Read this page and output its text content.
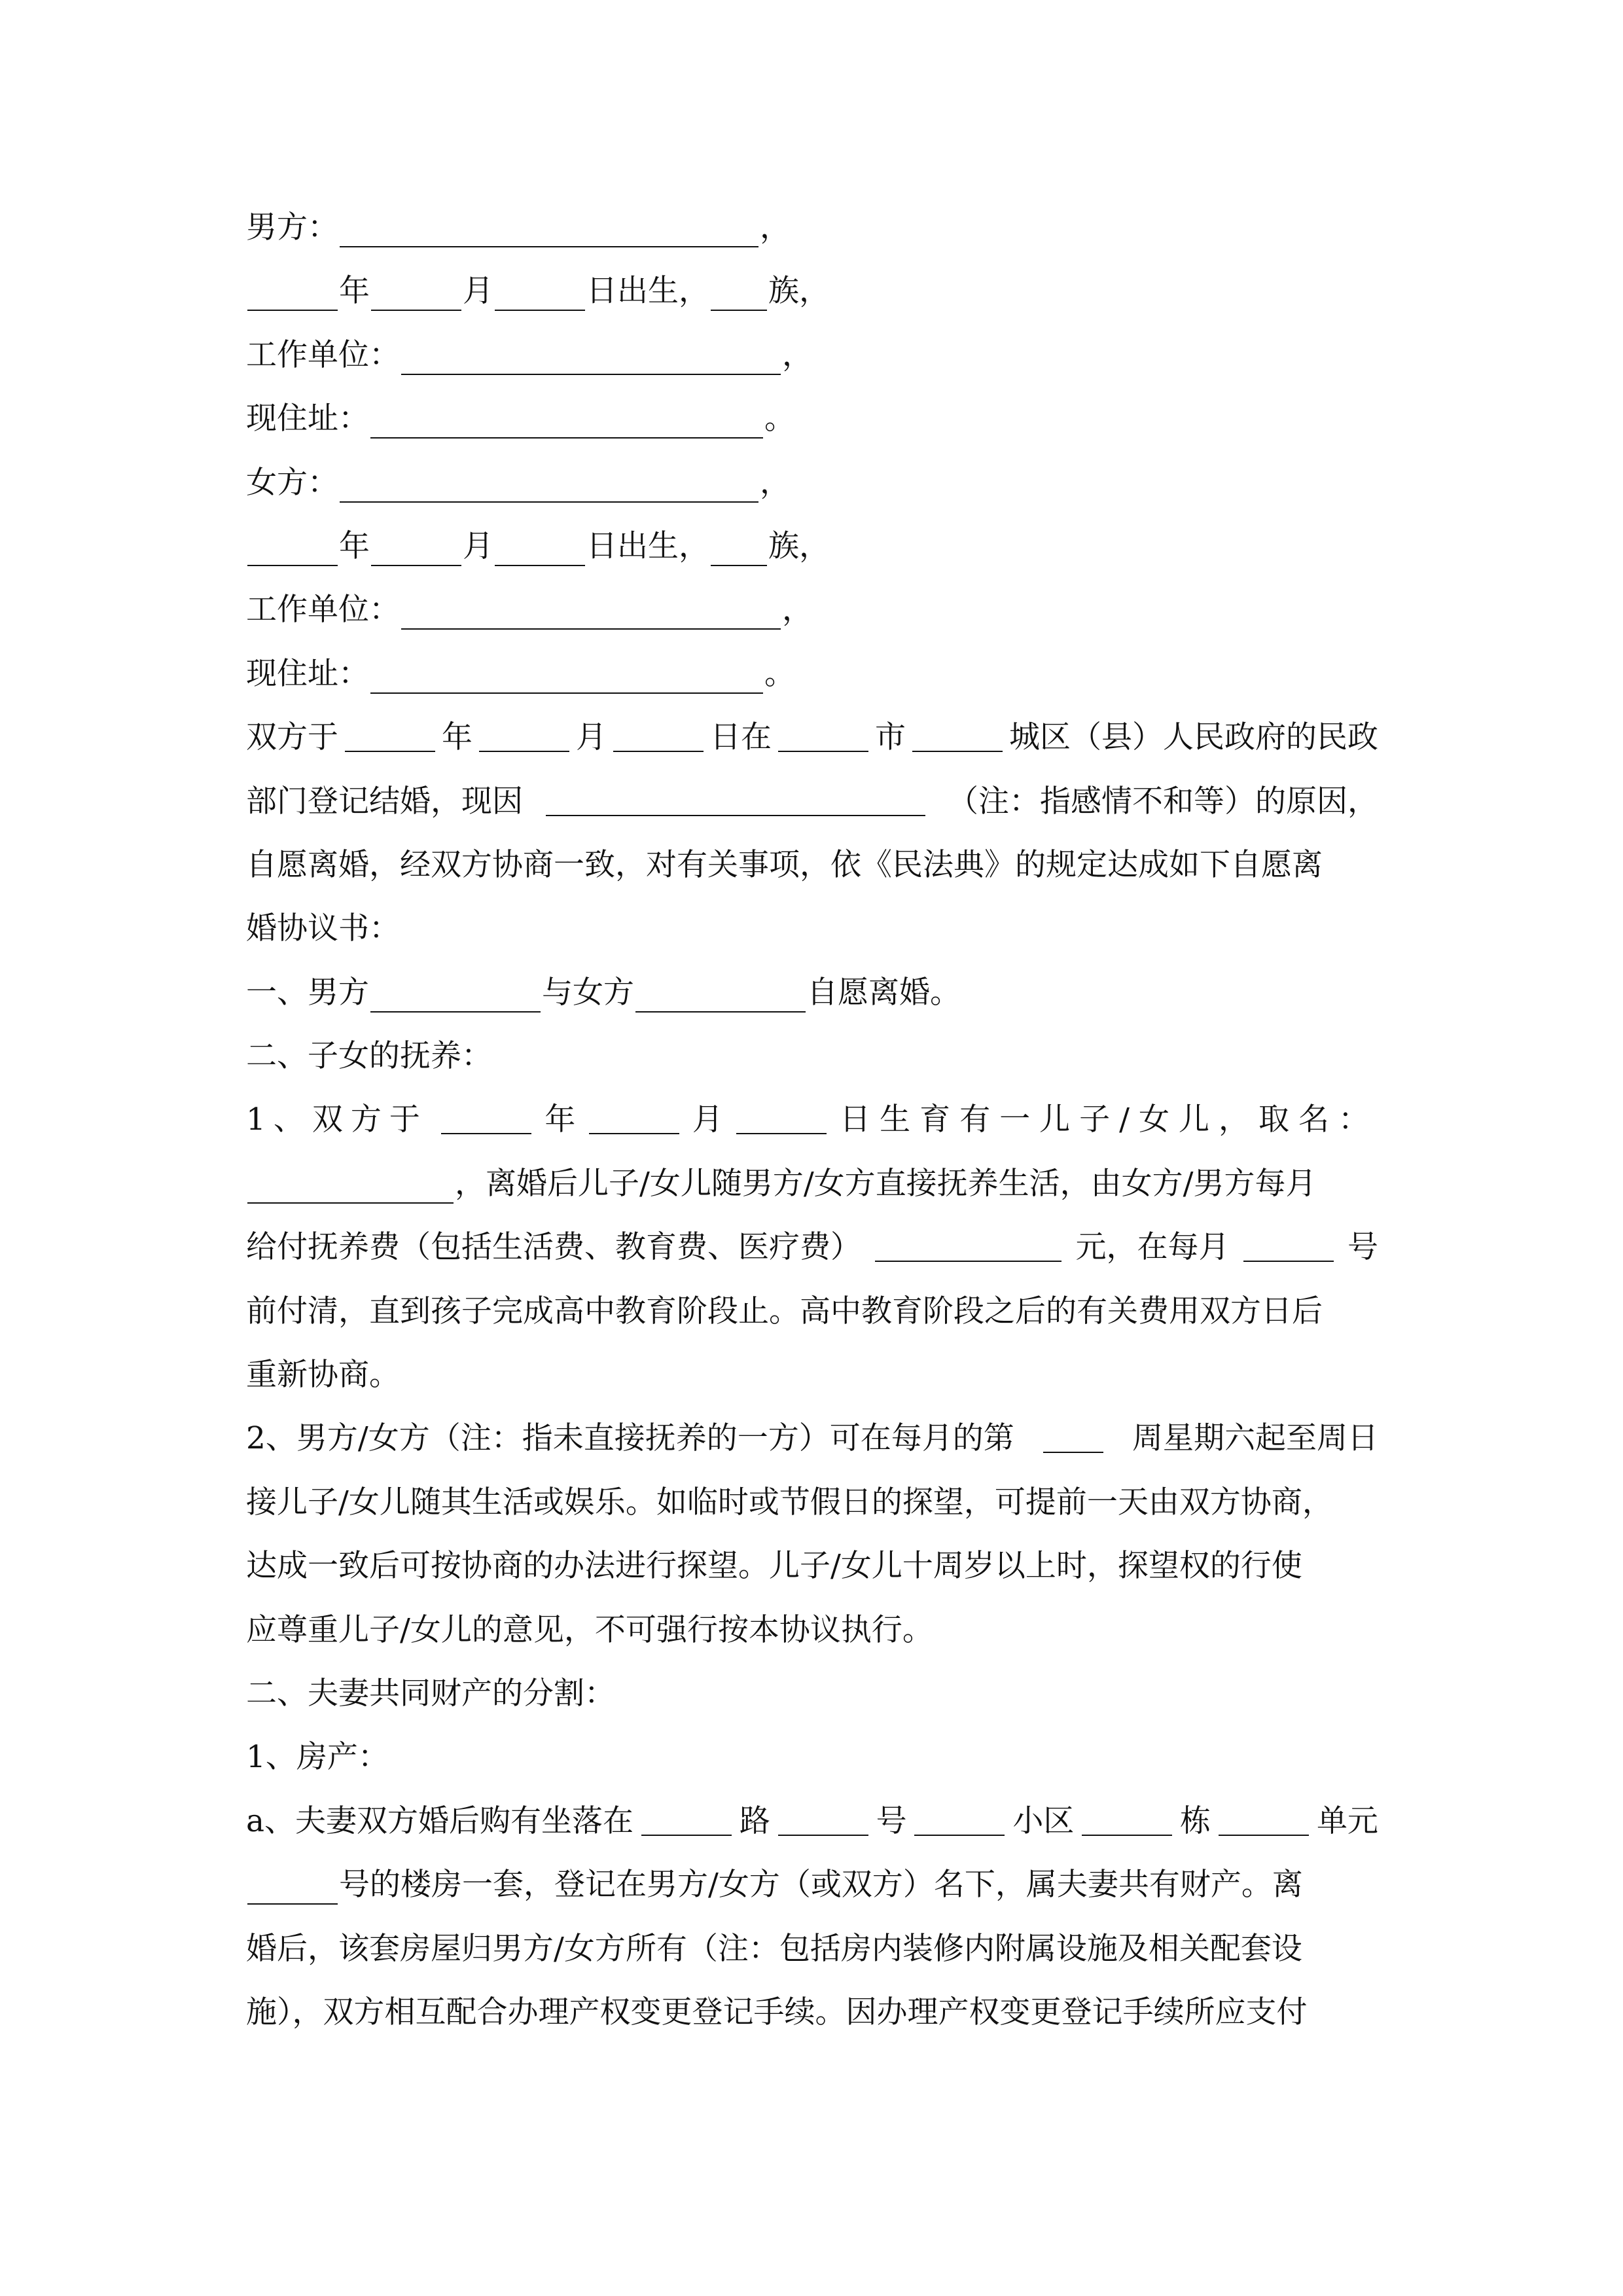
男方：	，
年	月	日出生， 族，
工作单位：	，
现住址：	。
女方：	，
年	月	日出生， 族，
工作单位：	，
现住址：	。
双方于	年	月	日在	市	城区（县）人民政府的民政
部门登记结婚，现因	（注：指感情不和等）的原因，
自愿离婚，经双方协商一致，对有关事项，依《民法典》的规定达成如下自愿离
婚协议书：
一、男方	与女方	自愿离婚。
二、子女的抚养：
1、双方于	年	月	日生育有一儿子/女儿，取名：
，离婚后儿子/女儿随男方/女方直接抚养生活，由女方/男方每月
给付抚养费（包括生活费、教育费、医疗费）	元，在每月	号
前付清，直到孩子完成高中教育阶段止。高中教育阶段之后的有关费用双方日后
重新协商。
2、男方/女方（注：指未直接抚养的一方）可在每月的第	周星期六起至周日
接儿子/女儿随其生活或娱乐。如临时或节假日的探望，可提前一天由双方协商，
达成一致后可按协商的办法进行探望。儿子/女儿十周岁以上时，探望权的行使
应尊重儿子/女儿的意见，不可强行按本协议执行。
二、夫妻共同财产的分割：
1、房产：
a、夫妻双方婚后购有坐落在	路	号	小区	栋	单元
号的楼房一套，登记在男方/女方（或双方）名下，属夫妻共有财产。离
婚后，该套房屋归男方/女方所有（注：包括房内装修内附属设施及相关配套设
施），双方相互配合办理产权变更登记手续。因办理产权变更登记手续所应支付
